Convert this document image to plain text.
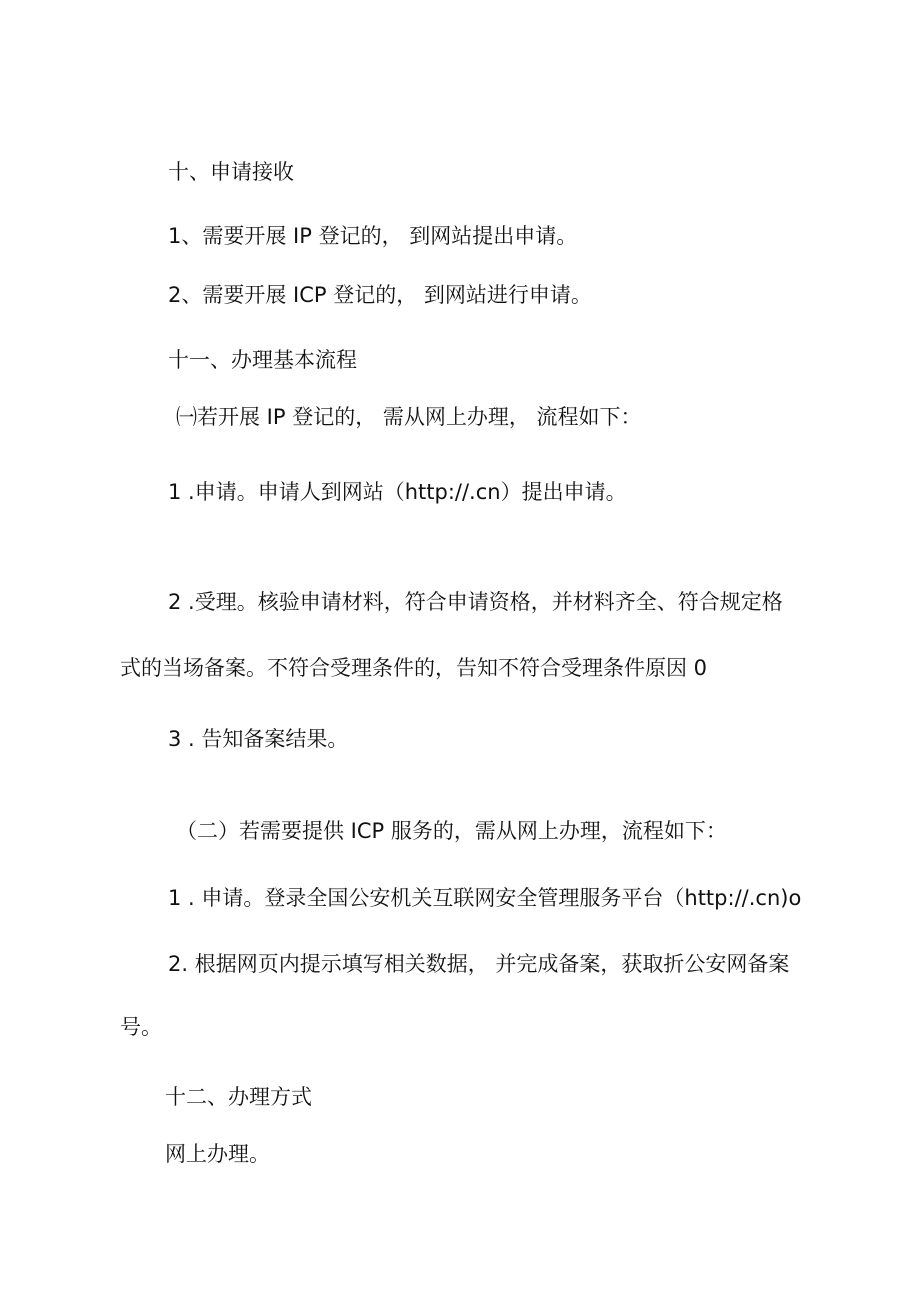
十、申请接收
1、需要开展 IP 登记的， 到网站提出申请。
2、需要开展 ICP 登记的， 到网站进行申请。
十一、办理基本流程
㈠若开展 IP 登记的， 需从网上办理， 流程如下：
1 .申请。申请人到网站（http://.cn）提出申请。
2 .受理。核验申请材料，符合申请资格，并材料齐全、符合规定格
式的当场备案。不符合受理条件的，告知不符合受理条件原因 0
3 . 告知备案结果。
（二）若需要提供 ICP 服务的，需从网上办理，流程如下：
1 . 申请。登录全国公安机关互联网安全管理服务平台（http://.cn)o
2. 根据网页内提示填写相关数据， 并完成备案，获取折公安网备案
号。
十二、办理方式
网上办理。
